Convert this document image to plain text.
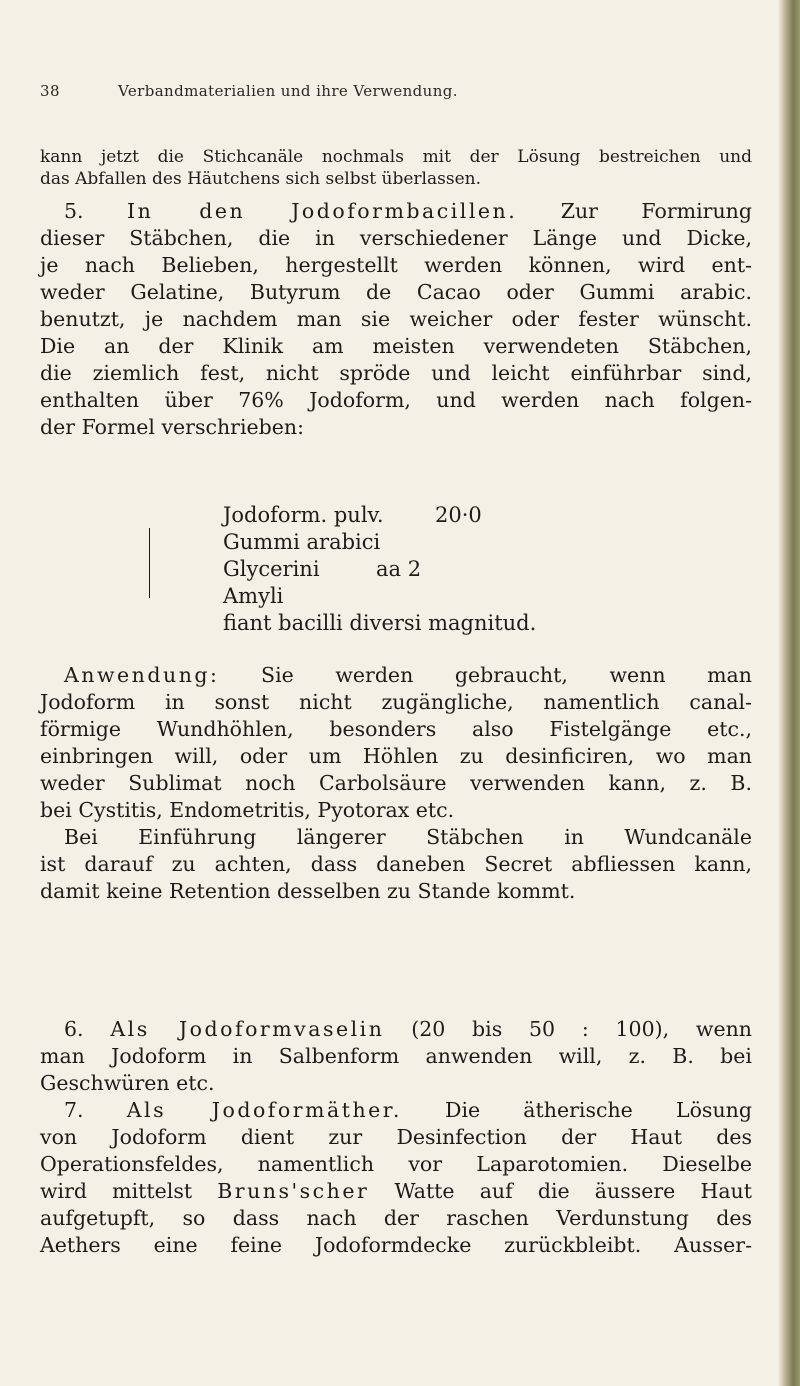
38	Verbandmaterialien und ihre Verwendung.
kann jetzt die Stichcanäle nochmals mit der Lösung bestreichen und
das Abfallen des Häutchens sich selbst überlassen.
5. In den Jodoformbacillen. Zur Formirung
dieser Stäbchen, die in verschiedener Länge und Dicke,
je nach Belieben, hergestellt werden können, wird ent-
weder Gelatine, Butyrum de Cacao oder Gummi arabic.
benutzt, je nachdem man sie weicher oder fester wünscht.
Die an der Klinik am meisten verwendeten Stäbchen,
die ziemlich fest, nicht spröde und leicht einführbar sind,
enthalten über 76% Jodoform, und werden nach folgen-
der Formel verschrieben:
Jodoform. pulv. 20·0
Gummi arabici
Glycerini
Amyli
fiant bacilli diversi magnitud.
aa 2
Anwendung: Sie werden gebraucht, wenn man
Jodoform in sonst nicht zugängliche, namentlich canal-
förmige Wundhöhlen, besonders also Fistelgänge etc.,
einbringen will, oder um Höhlen zu desinficiren, wo man
weder Sublimat noch Carbolsäure verwenden kann, z. B.
bei Cystitis, Endometritis, Pyotorax etc.
Bei Einführung längerer Stäbchen in Wundcanäle
ist darauf zu achten, dass daneben Secret abfliessen kann,
damit keine Retention desselben zu Stande kommt.
6. Als Jodoformvaselin (20 bis 50 : 100), wenn
man Jodoform in Salbenform anwenden will, z. B. bei
Geschwüren etc.
7. Als Jodoformäther. Die ätherische Lösung
von Jodoform dient zur Desinfection der Haut des
Operationsfeldes, namentlich vor Laparotomien. Dieselbe
wird mittelst Bruns'scher Watte auf die äussere Haut
aufgetupft, so dass nach der raschen Verdunstung des
Aethers eine feine Jodoformdecke zurückbleibt. Ausser-
